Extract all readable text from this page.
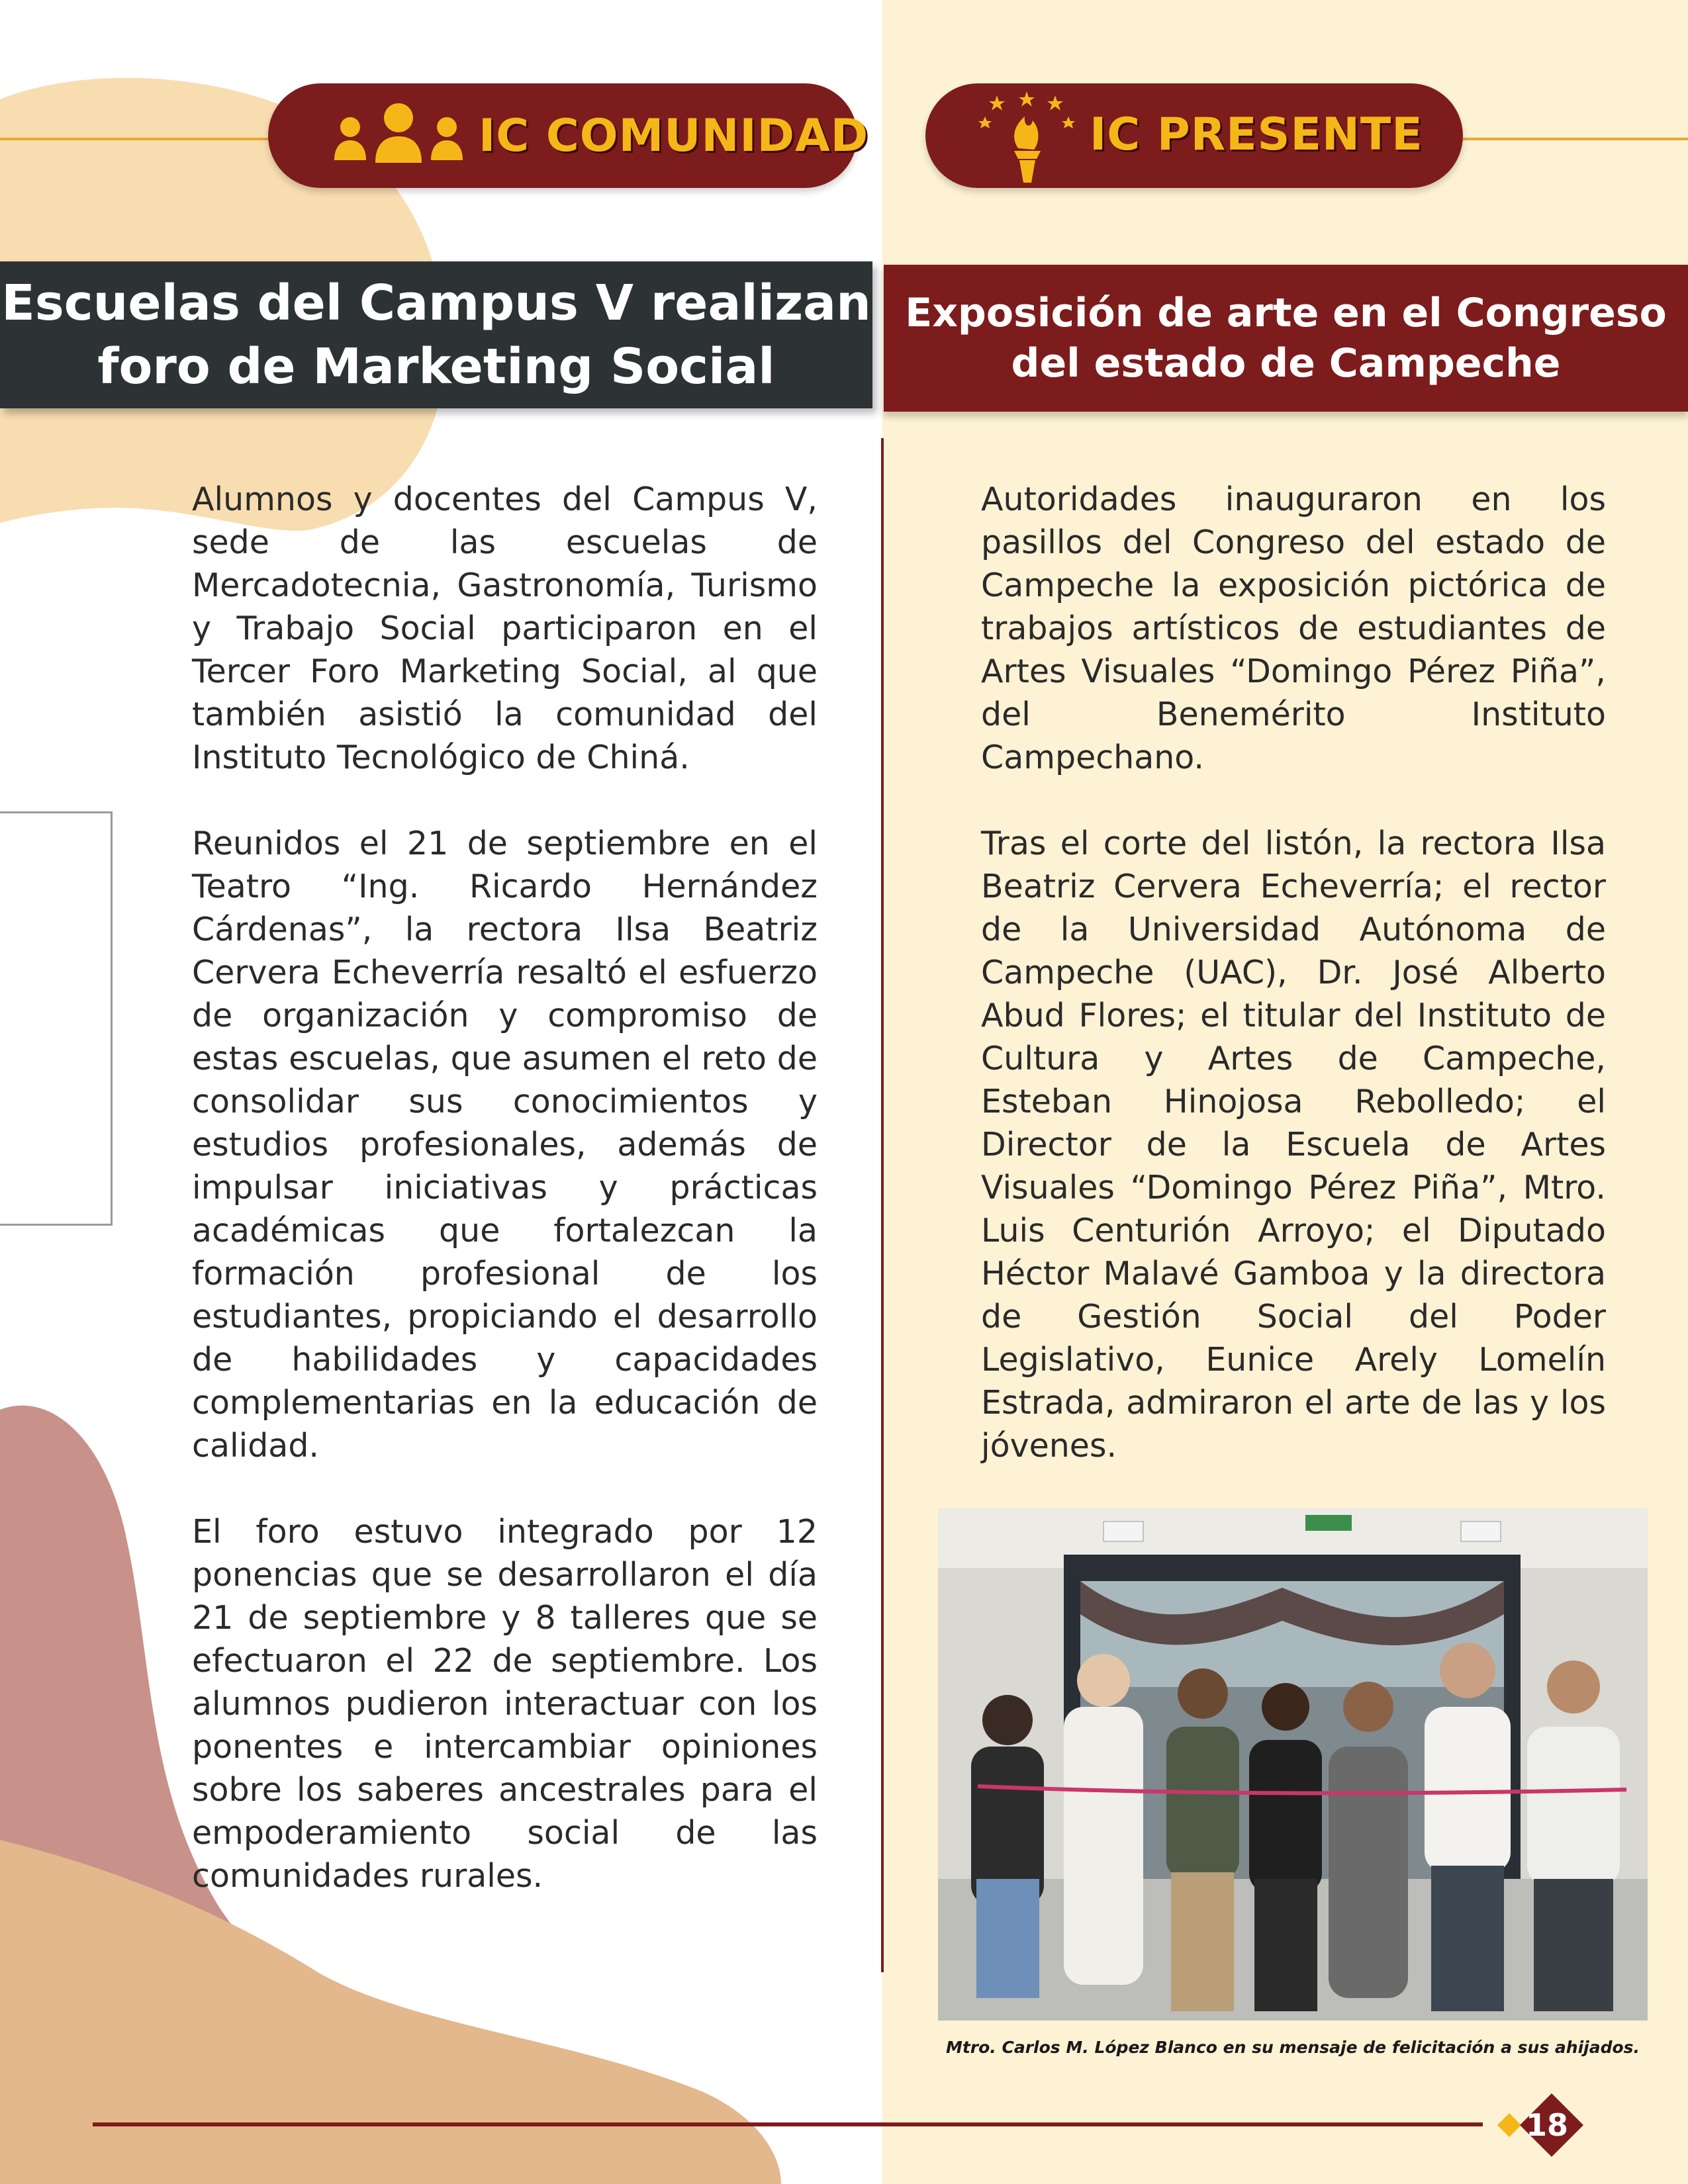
IC COMUNIDAD	IC PRESENTE
Escuelas del Campus V realizan
foro de Marketing Social
Exposición de arte en el Congreso
del estado de Campeche

Alumnos y docentes del Campus V, sede de las escuelas de Mercadotecnia, Gastronomía, Turismo y Trabajo Social participaron en el Tercer Foro Marketing Social, al que también asistió la comunidad del Instituto Tecnológico de Chiná.

Reunidos el 21 de septiembre en el Teatro “Ing. Ricardo Hernández Cárdenas”, la rectora Ilsa Beatriz Cervera Echeverría resaltó el esfuerzo de organización y compromiso de estas escuelas, que asumen el reto de consolidar sus conocimientos y estudios profesionales, además de impulsar iniciativas y prácticas académicas que fortalezcan la formación profesional de los estudiantes, propiciando el desarrollo de habilidades y capacidades complementarias en la educación de calidad.

El foro estuvo integrado por 12 ponencias que se desarrollaron el día 21 de septiembre y 8 talleres que se efectuaron el 22 de septiembre. Los alumnos pudieron interactuar con los ponentes e intercambiar opiniones sobre los saberes ancestrales para el empoderamiento social de las comunidades rurales.

Autoridades inauguraron en los pasillos del Congreso del estado de Campeche la exposición pictórica de trabajos artísticos de estudiantes de Artes Visuales “Domingo Pérez Piña”, del Benemérito Instituto Campechano.

Tras el corte del listón, la rectora Ilsa Beatriz Cervera Echeverría; el rector de la Universidad Autónoma de Campeche (UAC), Dr. José Alberto Abud Flores; el titular del Instituto de Cultura y Artes de Campeche, Esteban Hinojosa Rebolledo; el Director de la Escuela de Artes Visuales “Domingo Pérez Piña”, Mtro. Luis Centurión Arroyo; el Diputado Héctor Malavé Gamboa y la directora de Gestión Social del Poder Legislativo, Eunice Arely Lomelín Estrada, admiraron el arte de las y los jóvenes.

Mtro. Carlos M. López Blanco en su mensaje de felicitación a sus ahijados.
18
